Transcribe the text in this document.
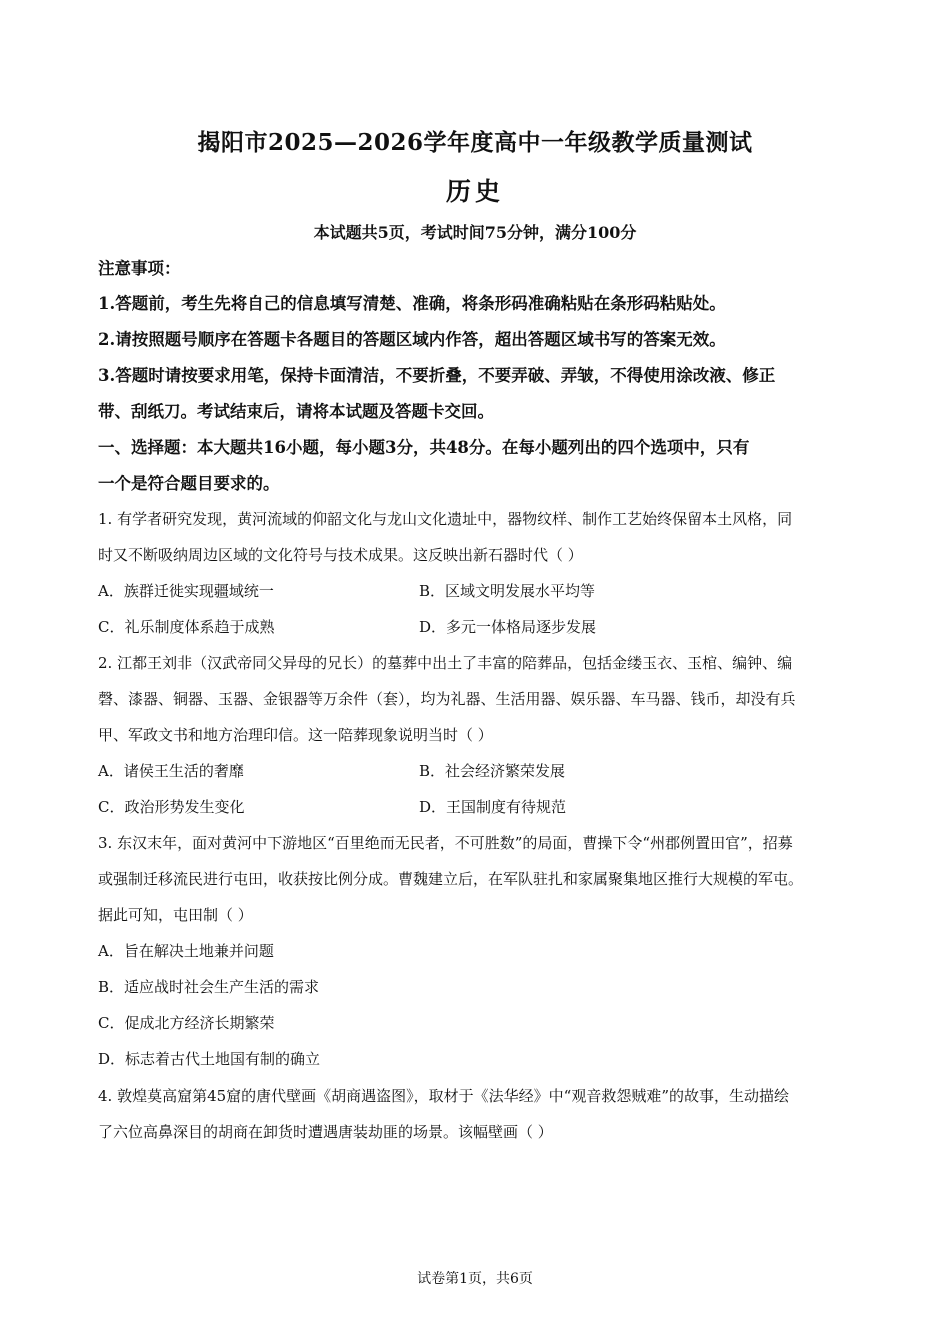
揭阳市2025—2026学年度高中一年级教学质量测试
历史
本试题共5页，考试时间75分钟，满分100分
注意事项：
1.答题前，考生先将自己的信息填写清楚、准确，将条形码准确粘贴在条形码粘贴处。
2.请按照题号顺序在答题卡各题目的答题区域内作答，超出答题区域书写的答案无效。
3.答题时请按要求用笔，保持卡面清洁，不要折叠，不要弄破、弄皱，不得使用涂改液、修正
带、刮纸刀。考试结束后，请将本试题及答题卡交回。
一、选择题：本大题共16小题，每小题3分，共48分。在每小题列出的四个选项中，只有
一个是符合题目要求的。
1. 有学者研究发现，黄河流域的仰韶文化与龙山文化遗址中，器物纹样、制作工艺始终保留本土风格，同
时又不断吸纳周边区域的文化符号与技术成果。这反映出新石器时代（ ）
A．族群迁徙实现疆域统一	B．区域文明发展水平均等
C．礼乐制度体系趋于成熟	D．多元一体格局逐步发展
2. 江都王刘非（汉武帝同父异母的兄长）的墓葬中出土了丰富的陪葬品，包括金缕玉衣、玉棺、编钟、编
磬、漆器、铜器、玉器、金银器等万余件（套），均为礼器、生活用器、娱乐器、车马器、钱币，却没有兵
甲、军政文书和地方治理印信。这一陪葬现象说明当时（ ）
A．诸侯王生活的奢靡	B．社会经济繁荣发展
C．政治形势发生变化	D．王国制度有待规范
3. 东汉末年，面对黄河中下游地区“百里绝而无民者，不可胜数”的局面，曹操下令“州郡例置田官”，招募
或强制迁移流民进行屯田，收获按比例分成。曹魏建立后，在军队驻扎和家属聚集地区推行大规模的军屯。
据此可知，屯田制（ ）
A．旨在解决土地兼并问题
B．适应战时社会生产生活的需求
C．促成北方经济长期繁荣
D．标志着古代土地国有制的确立
4. 敦煌莫高窟第45窟的唐代壁画《胡商遇盗图》，取材于《法华经》中“观音救怨贼难”的故事，生动描绘
了六位高鼻深目的胡商在卸货时遭遇唐装劫匪的场景。该幅壁画（ ）
试卷第1页，共6页
